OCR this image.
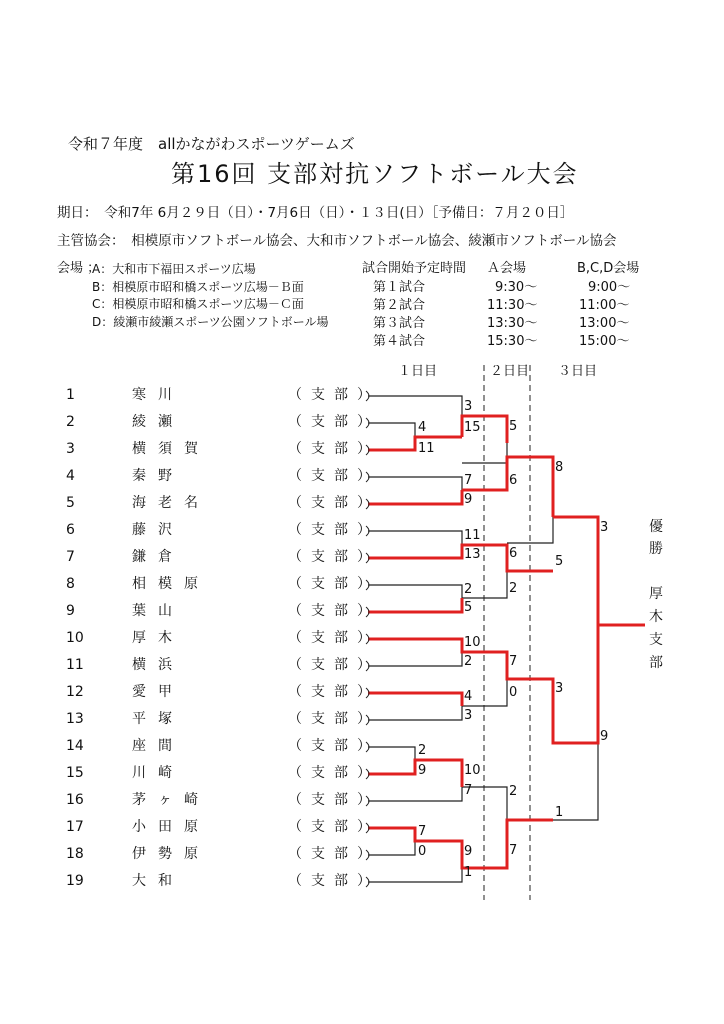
令和７年度　allかながわスポーツゲームズ
第16回 支部対抗ソフトボール大会
期日：　令和7年 6月２９日（日）・7月6日（日）・１３日(日）［予備日：７月２０日］
主管協会：　相模原市ソフトボール協会、大和市ソフトボール協会、綾瀬市ソフトボール協会
会場 ；
A：大和市下福田スポーツ広場
B：相模原市昭和橋スポーツ広場－Ｂ面
C：相模原市昭和橋スポーツ広場－Ｃ面
D：綾瀬市綾瀬スポーツ公園ソフトボール場
試合開始予定時間 Ａ会場	B,C,D会場
第１試合	9:30～	9:00～
第２試合	11:30～	11:00～
第３試合	13:30～	13:00～
第４試合	15:30～	15:00～
１日目	２日目 ３日目
1	寒川	（支部）
2	綾瀬	（支部）
3	横須賀	（支部）
4	秦野	（支部）
5	海老名	（支部）
6	藤沢	（支部）
7	鎌倉	（支部）
8	相模原	（支部）
9	葉山	（支部）
10	厚木	（支部）
11	横浜	（支部）
12	愛甲	（支部）
13	平塚	（支部）
14	座間	（支部）
15	川崎	（支部）
16	茅ヶ崎	（支部）
17	小田原	（支部）
18	伊勢原	（支部）
19	大和	（支部）
4
11
2
9
7
0
3
15
7
9
11
13
2
5
10
2
4
3
10
7
9
1
5
6
6
2
7
0
2
7
8
5
3
1
3
9
優
勝
厚
木
支
部
